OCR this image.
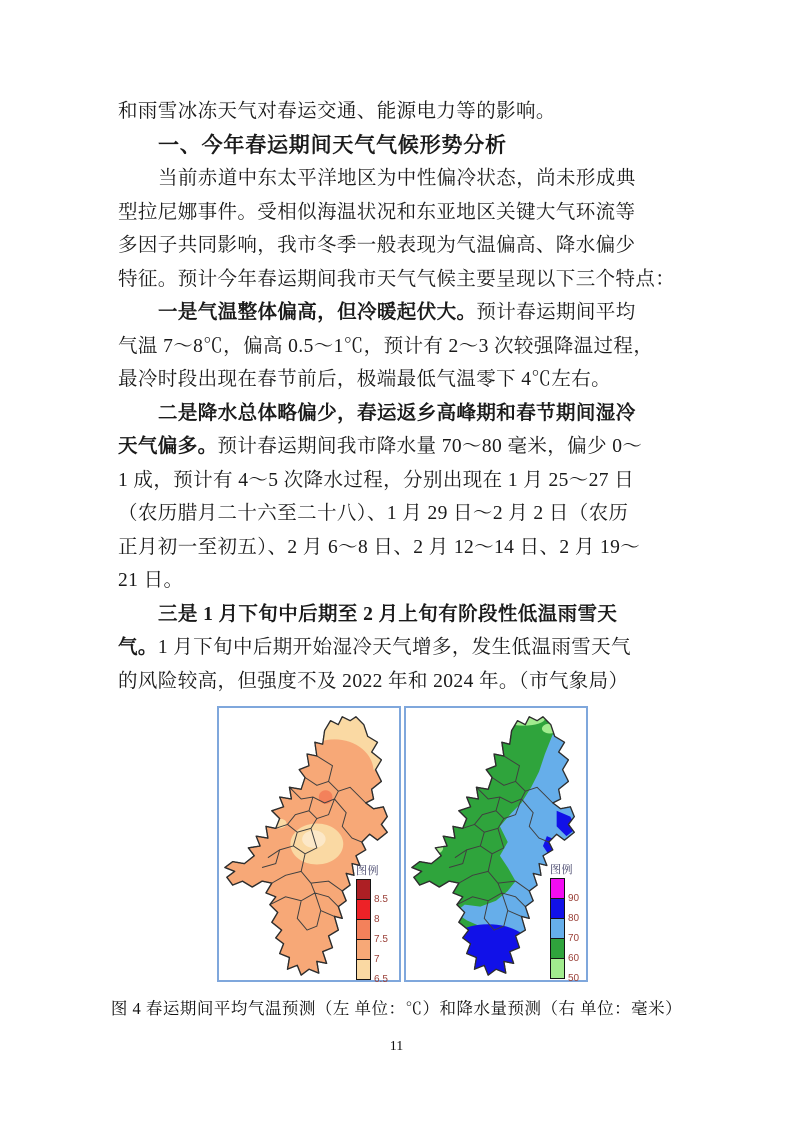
和雨雪冰冻天气对春运交通、能源电力等的影响。
一、今年春运期间天气气候形势分析
当前赤道中东太平洋地区为中性偏冷状态，尚未形成典
型拉尼娜事件。受相似海温状况和东亚地区关键大气环流等
多因子共同影响，我市冬季一般表现为气温偏高、降水偏少
特征。预计今年春运期间我市天气气候主要呈现以下三个特点：
一是气温整体偏高，但冷暖起伏大。预计春运期间平均
气温 7～8℃，偏高 0.5～1℃，预计有 2～3 次较强降温过程，
最冷时段出现在春节前后，极端最低气温零下 4℃左右。
二是降水总体略偏少，春运返乡高峰期和春节期间湿冷
天气偏多。预计春运期间我市降水量 70～80 毫米，偏少 0～
1 成，预计有 4～5 次降水过程，分别出现在 1 月 25～27 日
（农历腊月二十六至二十八）、1 月 29 日～2 月 2 日（农历
正月初一至初五）、2 月 6～8 日、2 月 12～14 日、2 月 19～
21 日。
三是 1 月下旬中后期至 2 月上旬有阶段性低温雨雪天
气。1 月下旬中后期开始湿冷天气增多，发生低温雨雪天气
的风险较高，但强度不及 2022 年和 2024 年。（市气象局）
图例
8.5
8
7.5
7
6.5
图例
90
80
70
60
50
图 4 春运期间平均气温预测（左 单位：℃）和降水量预测（右 单位：毫米）
11
